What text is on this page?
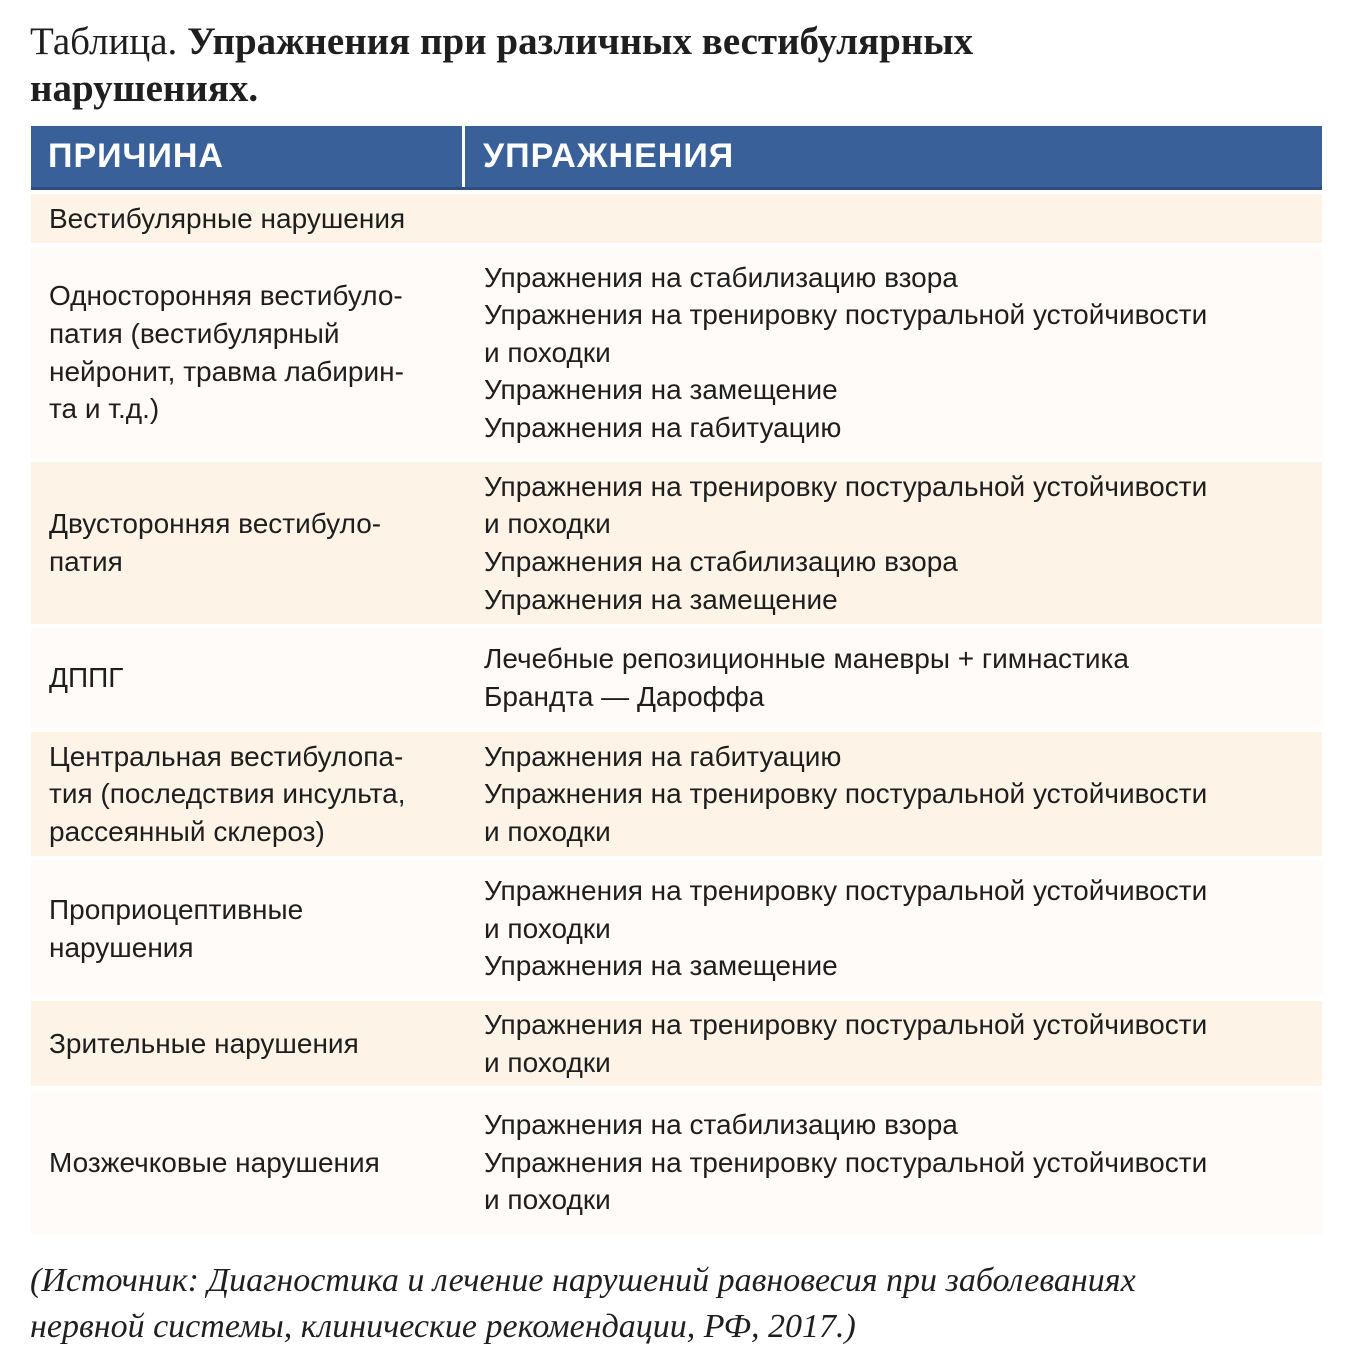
Таблица. Упражнения при различных вестибулярных
нарушениях.
ПРИЧИНА	УПРАЖНЕНИЯ
Вестибулярные нарушения
Односторонняя вестибуло-
патия (вестибулярный
нейронит, травма лабирин-
та и т.д.)
Упражнения на стабилизацию взора
Упражнения на тренировку постуральной устойчивости
и походки
Упражнения на замещение
Упражнения на габитуацию
Двусторонняя вестибуло-
патия
Упражнения на тренировку постуральной устойчивости
и походки
Упражнения на стабилизацию взора
Упражнения на замещение
ДППГ
Лечебные репозиционные маневры + гимнастика
Брандта — Дароффа
Центральная вестибулопа-
тия (последствия инсульта,
рассеянный склероз)
Упражнения на габитуацию
Упражнения на тренировку постуральной устойчивости
и походки
Проприоцептивные
нарушения
Упражнения на тренировку постуральной устойчивости
и походки
Упражнения на замещение
Зрительные нарушения
Упражнения на тренировку постуральной устойчивости
и походки
Мозжечковые нарушения
Упражнения на стабилизацию взора
Упражнения на тренировку постуральной устойчивости
и походки
(Источник: Диагностика и лечение нарушений равновесия при заболеваниях
нервной системы, клинические рекомендации, РФ, 2017.)
